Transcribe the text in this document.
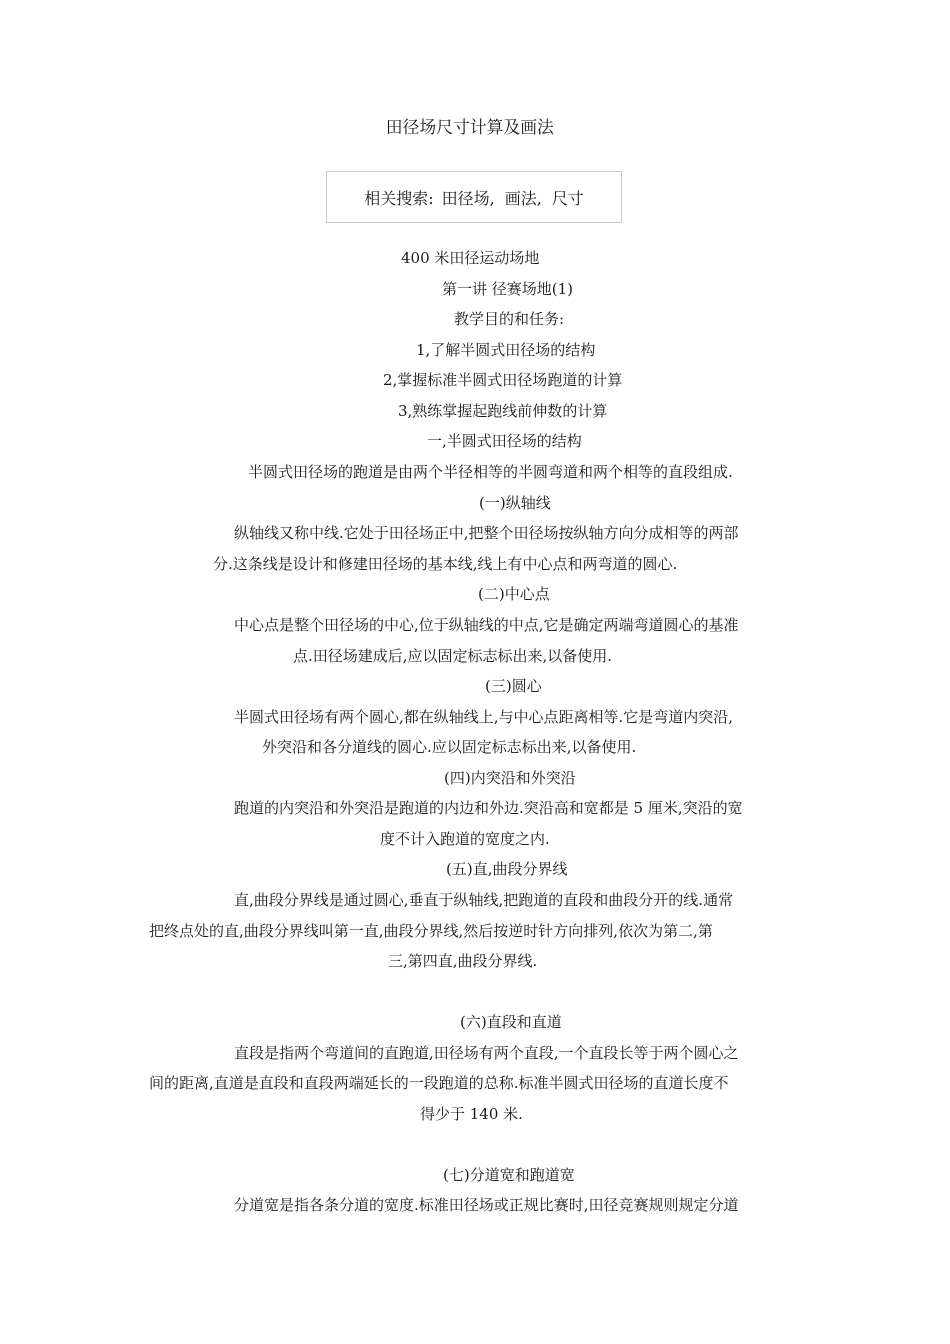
田径场尺寸计算及画法
相关搜索: 田径场, 画法, 尺寸
400 米田径运动场地
第一讲 径赛场地(1)
教学目的和任务:
1,了解半圆式田径场的结构
2,掌握标准半圆式田径场跑道的计算
3,熟练掌握起跑线前伸数的计算
一,半圆式田径场的结构
半圆式田径场的跑道是由两个半径相等的半圆弯道和两个相等的直段组成.
(一)纵轴线
纵轴线又称中线.它处于田径场正中,把整个田径场按纵轴方向分成相等的两部
分.这条线是设计和修建田径场的基本线,线上有中心点和两弯道的圆心.
(二)中心点
中心点是整个田径场的中心,位于纵轴线的中点,它是确定两端弯道圆心的基准
点.田径场建成后,应以固定标志标出来,以备使用.
(三)圆心
半圆式田径场有两个圆心,都在纵轴线上,与中心点距离相等.它是弯道内突沿,
外突沿和各分道线的圆心.应以固定标志标出来,以备使用.
(四)内突沿和外突沿
跑道的内突沿和外突沿是跑道的内边和外边.突沿高和宽都是 5 厘米,突沿的宽
度不计入跑道的宽度之内.
(五)直,曲段分界线
直,曲段分界线是通过圆心,垂直于纵轴线,把跑道的直段和曲段分开的线.通常
把终点处的直,曲段分界线叫第一直,曲段分界线,然后按逆时针方向排列,依次为第二,第
三,第四直,曲段分界线.
(六)直段和直道
直段是指两个弯道间的直跑道,田径场有两个直段,一个直段长等于两个圆心之
间的距离,直道是直段和直段两端延长的一段跑道的总称.标准半圆式田径场的直道长度不
得少于 140 米.
(七)分道宽和跑道宽
分道宽是指各条分道的宽度.标准田径场或正规比赛时,田径竞赛规则规定分道
